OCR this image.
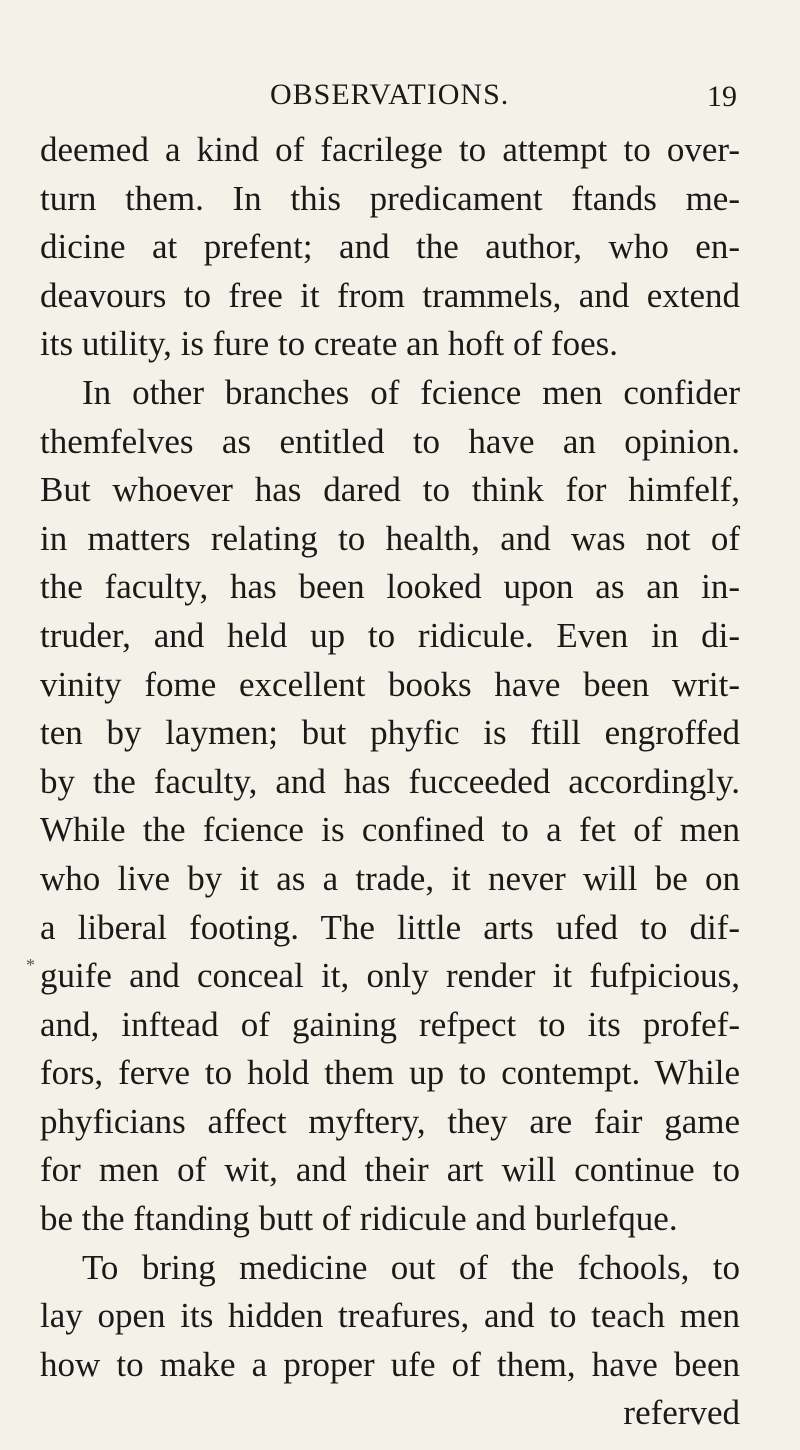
OBSERVATIONS.	19
*
deemed a kind of facrilege to attempt to over-
turn them. In this predicament ftands me-
dicine at prefent; and the author, who en-
deavours to free it from trammels, and extend
its utility, is fure to create an hoft of foes.
In other branches of fcience men confider
themfelves as entitled to have an opinion.
But whoever has dared to think for himfelf,
in matters relating to health, and was not of
the faculty, has been looked upon as an in-
truder, and held up to ridicule. Even in di-
vinity fome excellent books have been writ-
ten by laymen; but phyfic is ftill engroffed
by the faculty, and has fucceeded accordingly.
While the fcience is confined to a fet of men
who live by it as a trade, it never will be on
a liberal footing. The little arts ufed to dif-
guife and conceal it, only render it fufpicious,
and, inftead of gaining refpect to its profef-
fors, ferve to hold them up to contempt. While
phyficians affect myftery, they are fair game
for men of wit, and their art will continue to
be the ftanding butt of ridicule and burlefque.
To bring medicine out of the fchools, to
lay open its hidden treafures, and to teach men
how to make a proper ufe of them, have been
referved
